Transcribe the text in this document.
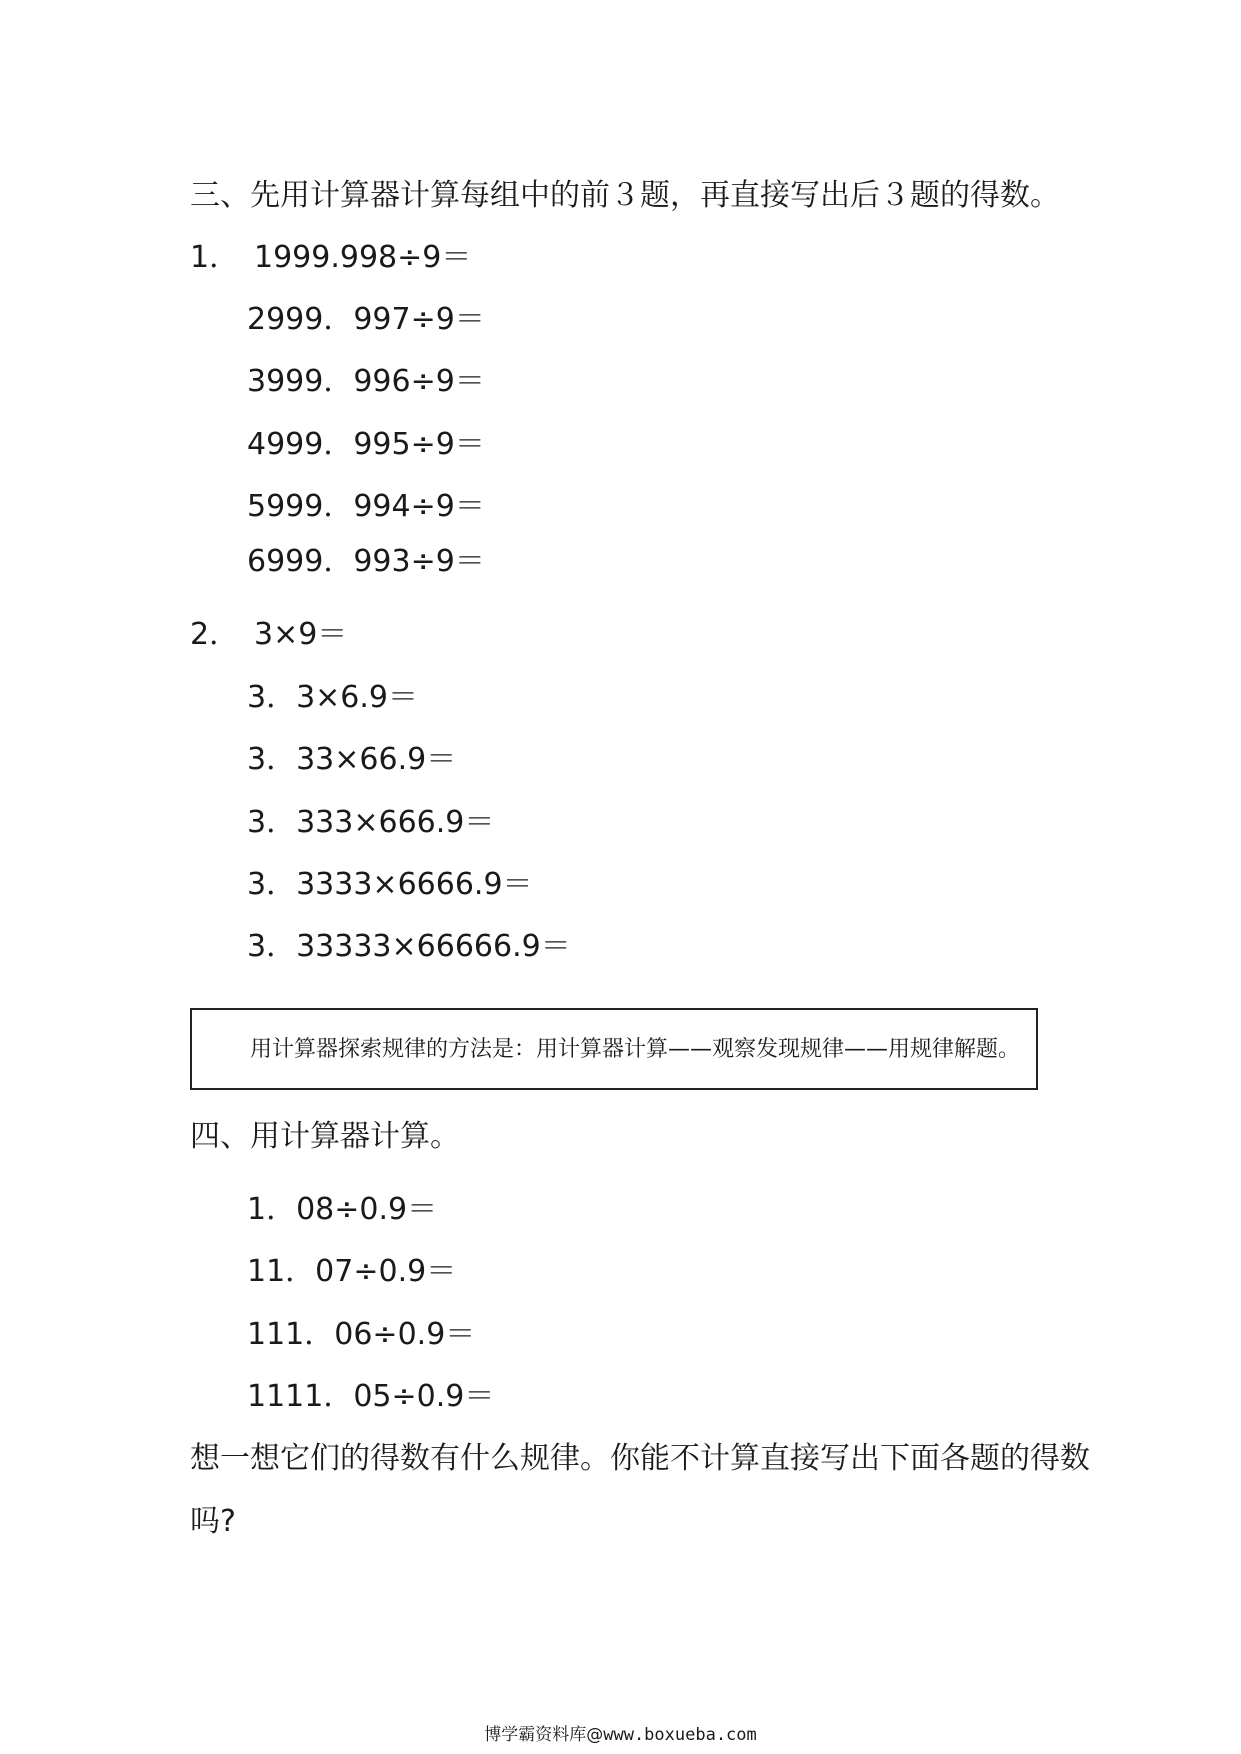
三、先用计算器计算每组中的前３题，再直接写出后３题的得数。
1． 1999.998÷9＝
2999．997÷9＝
3999．996÷9＝
4999．995÷9＝
5999．994÷9＝
6999．993÷9＝
2． 3×9＝
3．3×6.9＝
3．33×66.9＝
3．333×666.9＝
3．3333×6666.9＝
3．33333×66666.9＝
用计算器探索规律的方法是：用计算器计算——观察发现规律——用规律解题。
四、用计算器计算。
1．08÷0.9＝
11．07÷0.9＝
111．06÷0.9＝
1111．05÷0.9＝

想一想它们的得数有什么规律。你能不计算直接写出下面各题的得数

吗?

博学霸资料库@www.boxueba.com
